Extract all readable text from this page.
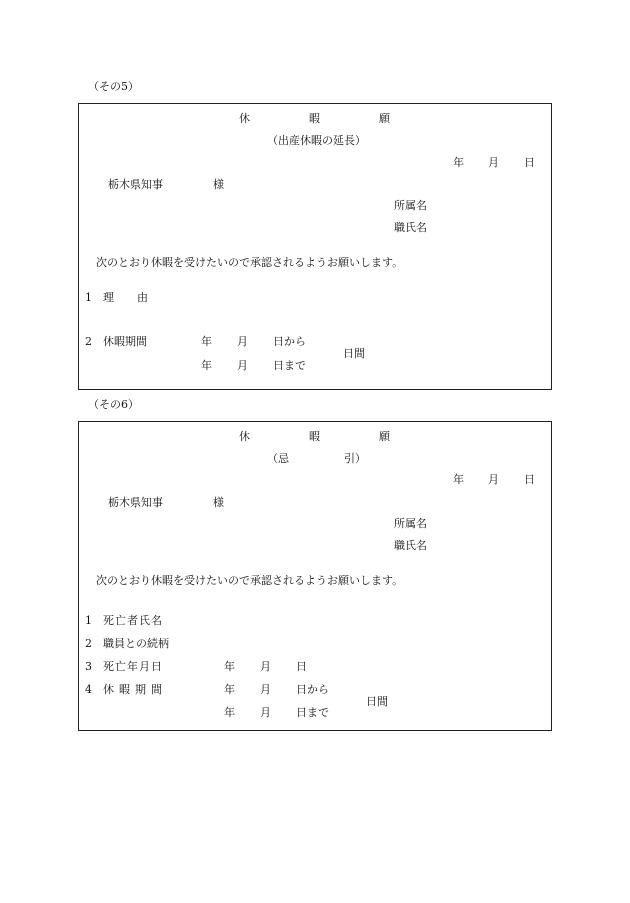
（その5）
休	暇	願
（出産休暇の延長）
年 月 日
栃木県知事	様
所属名
職氏名
次のとおり休暇を受けたいので承認されるようお願いします。
1 理 由
2 休暇期間	年 月 日から
年 月 日まで
日間
（その6）
休	暇	願
（忌	引）
年 月 日
栃木県知事	様
所属名
職氏名
次のとおり休暇を受けたいので承認されるようお願いします。
1 死亡者氏名
2 職員との続柄
3 死亡年月日	年 月 日
4 休暇期間	年 月 日から
年 月 日まで
日間
